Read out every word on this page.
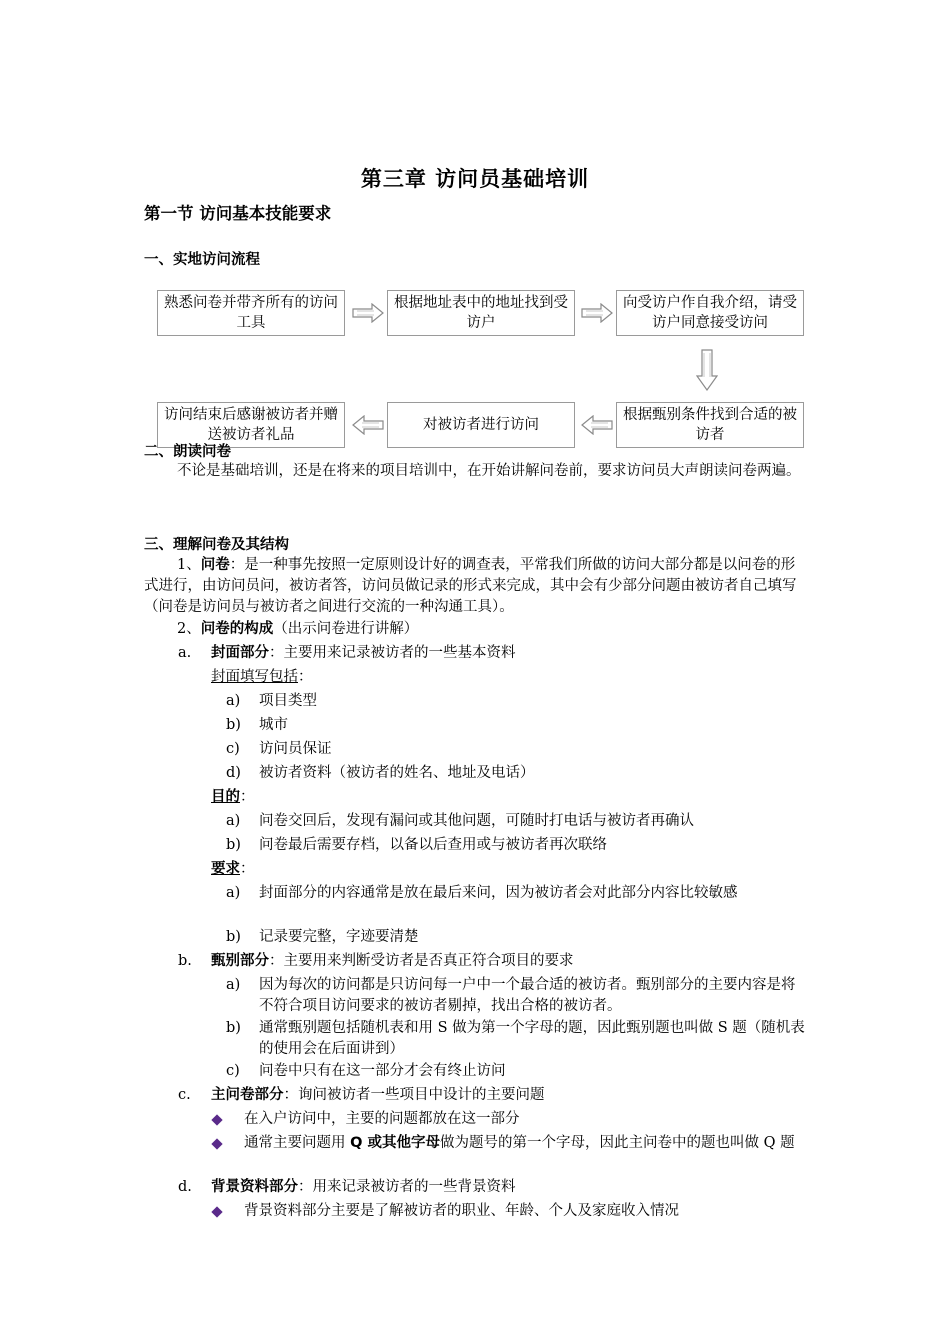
第三章 访问员基础培训
第一节 访问基本技能要求
一、实地访问流程
熟悉问卷并带齐所有的访问工具
根据地址表中的地址找到受访户
向受访户作自我介绍，请受访户同意接受访问
根据甄别条件找到合适的被访者
对被访者进行访问
访问结束后感谢被访者并赠送被访者礼品
二、朗读问卷
不论是基础培训，还是在将来的项目培训中，在开始讲解问卷前，要求访问员大声朗读问卷两遍。
三、理解问卷及其结构
1、问卷：是一种事先按照一定原则设计好的调查表，平常我们所做的访问大部分都是以问卷的形式进行，由访问员问，被访者答，访问员做记录的形式来完成，其中会有少部分问题由被访者自己填写（问卷是访问员与被访者之间进行交流的一种沟通工具）。
2、问卷的构成（出示问卷进行讲解）
a. 封面部分：主要用来记录被访者的一些基本资料
封面填写包括：
a) 项目类型
b) 城市
c) 访问员保证
d) 被访者资料（被访者的姓名、地址及电话）
目的：
a) 问卷交回后，发现有漏问或其他问题，可随时打电话与被访者再确认
b) 问卷最后需要存档，以备以后查用或与被访者再次联络
要求：
a) 封面部分的内容通常是放在最后来问，因为被访者会对此部分内容比较敏感
b) 记录要完整，字迹要清楚
b. 甄别部分：主要用来判断受访者是否真正符合项目的要求
a) 因为每次的访问都是只访问每一户中一个最合适的被访者。甄别部分的主要内容是将不符合项目访问要求的被访者剔掉，找出合格的被访者。
b) 通常甄别题包括随机表和用 S 做为第一个字母的题，因此甄别题也叫做 S 题（随机表的使用会在后面讲到）
c) 问卷中只有在这一部分才会有终止访问
c. 主问卷部分：询问被访者一些项目中设计的主要问题
在入户访问中，主要的问题都放在这一部分
通常主要问题用 Q 或其他字母做为题号的第一个字母，因此主问卷中的题也叫做 Q 题
d. 背景资料部分：用来记录被访者的一些背景资料
背景资料部分主要是了解被访者的职业、年龄、个人及家庭收入情况
